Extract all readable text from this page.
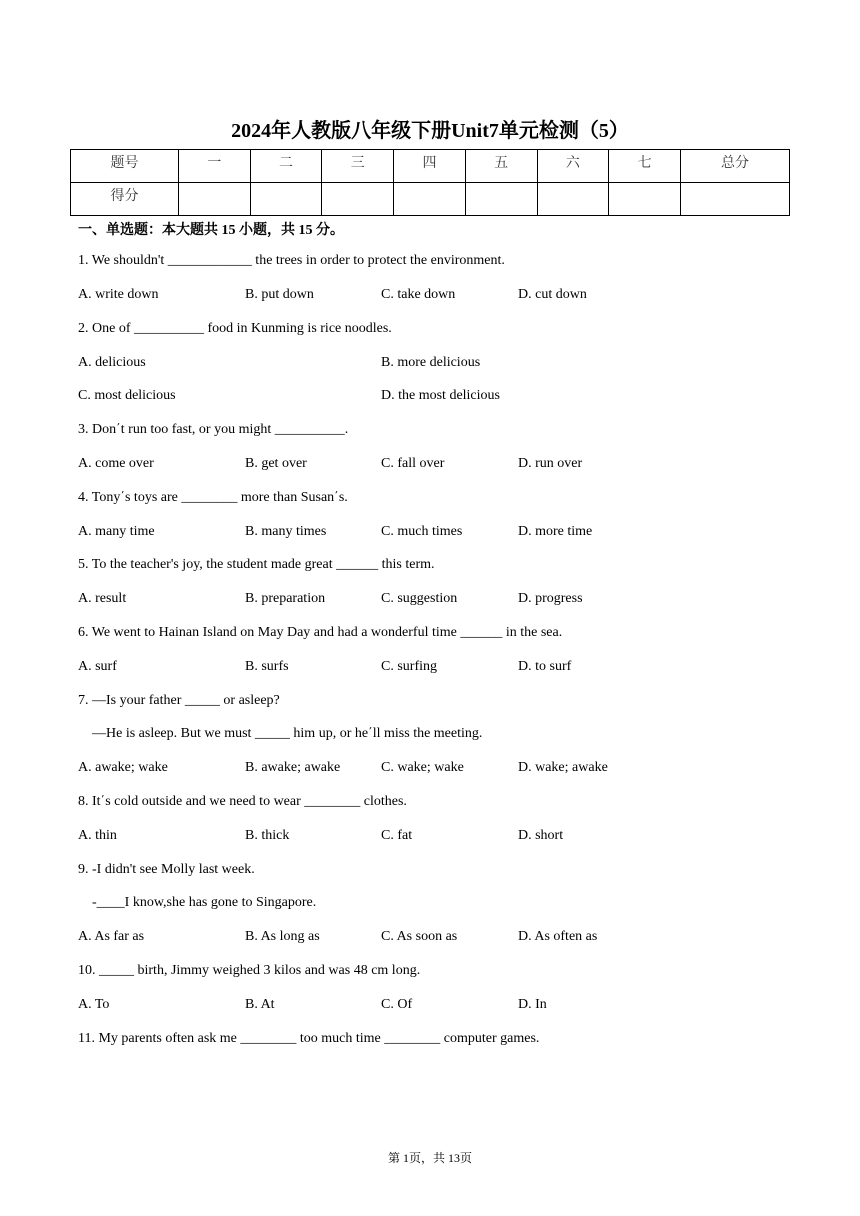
2024年人教版八年级下册Unit7单元检测（5）
题号	一	二	三	四	五	六	七	总分
得分								
一、单选题：本大题共 15 小题，共 15 分。
1. We shouldn't ____________ the trees in order to protect the environment.
A. write down	B. put down	C. take down	D. cut down
2. One of __________ food in Kunming is rice noodles.
A. delicious	B. more delicious
C. most delicious	D. the most delicious
3. Don΄t run too fast, or you might __________.
A. come over	B. get over	C. fall over	D. run over
4. Tony΄s toys are ________ more than Susan΄s.
A. many time	B. many times	C. much times	D. more time
5. To the teacher's joy, the student made great ______ this term.
A. result	B. preparation	C. suggestion	D. progress
6. We went to Hainan Island on May Day and had a wonderful time ______ in the sea.
A. surf	B. surfs	C. surfing	D. to surf
7. —Is your father _____ or asleep?
—He is asleep. But we must _____ him up, or he΄ll miss the meeting.
A. awake; wake	B. awake; awake	C. wake; wake	D. wake; awake
8. It΄s cold outside and we need to wear ________ clothes.
A. thin	B. thick	C. fat	D. short
9. -I didn't see Molly last week.
-____I know,she has gone to Singapore.
A. As far as	B. As long as	C. As soon as	D. As often as
10. _____ birth, Jimmy weighed 3 kilos and was 48 cm long.
A. To	B. At	C. Of	D. In
11. My parents often ask me ________ too much time ________ computer games.
第 1页，共 13页
